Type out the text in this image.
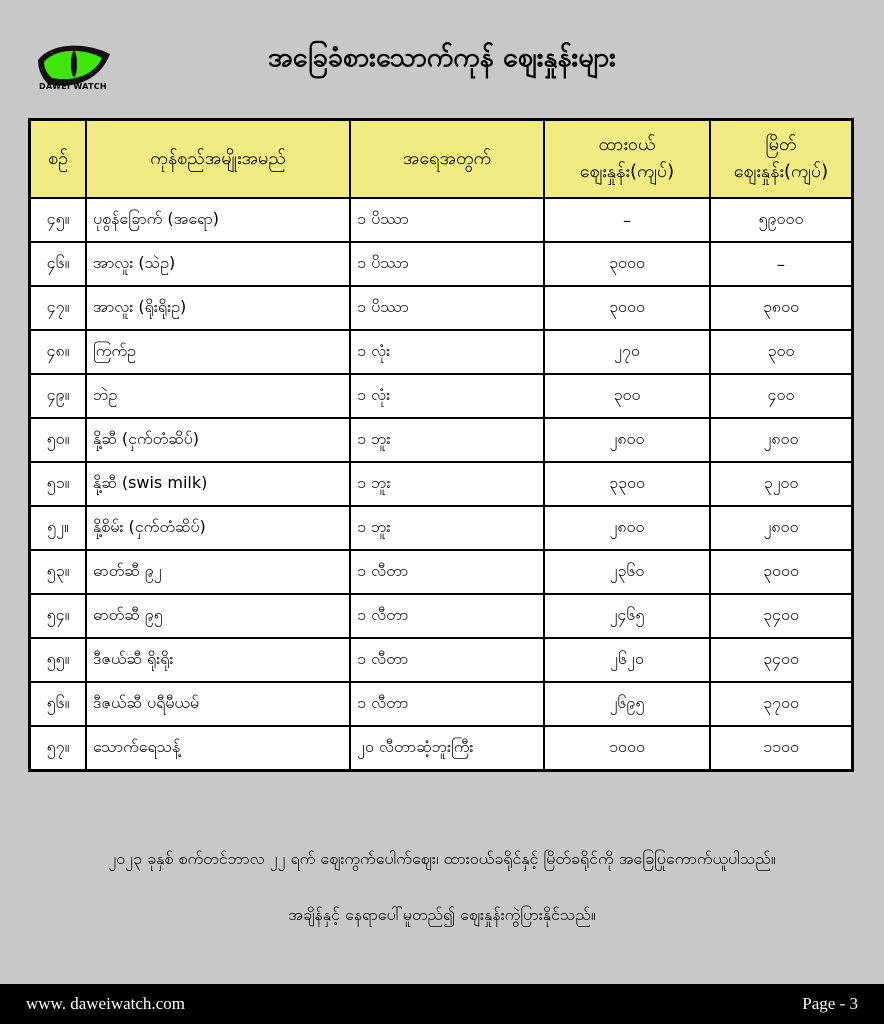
DAWEI WATCH
အခြေခံစားသောက်ကုန် ဈေးနှုန်းများ
စဉ်	ကုန်စည်အမျိုးအမည်	အရေအတွက်	ထားဝယ် ဈေးနှုန်း(ကျပ်)	မြိတ် ဈေးနှုန်း(ကျပ်)
၄၅။	ပုစွန်ခြောက် (အရော)	၁ ပိဿာ	–	၅၉၀၀၀
၄၆။	အာလူး (သဲဥ)	၁ ပိဿာ	၃၀၀၀	–
၄၇။	အာလူး (ရိုးရိုးဥ)	၁ ပိဿာ	၃၀၀၀	၃၈၀၀
၄၈။	ကြက်ဥ	၁ လုံး	၂၇၀	၃၀၀
၄၉။	ဘဲဥ	၁ လုံး	၃၀၀	၄၀၀
၅၀။	နို့ဆီ (ငှက်တံဆိပ်)	၁ ဘူး	၂၈၀၀	၂၈၀၀
၅၁။	နို့ဆီ (swis milk)	၁ ဘူး	၃၃၀၀	၃၂၀၀
၅၂။	နို့စိမ်း (ငှက်တံဆိပ်)	၁ ဘူး	၂၈၀၀	၂၈၀၀
၅၃။	ဓာတ်ဆီ ၉၂	၁ လီတာ	၂၃၆၀	၃၀၀၀
၅၄။	ဓာတ်ဆီ ၉၅	၁ လီတာ	၂၄၆၅	၃၄၀၀
၅၅။	ဒီဇယ်ဆီ ရိုးရိုး	၁ လီတာ	၂၆၂၀	၃၄၀၀
၅၆။	ဒီဇယ်ဆီ ပရီမီယမ်	၁ လီတာ	၂၆၉၅	၃၇၀၀
၅၇။	သောက်ရေသန့်	၂၀ လီတာဆံ့ဘူးကြီး	၁၀၀၀	၁၁၀၀
၂၀၂၃ ခုနှစ် စက်တင်ဘာလ ၂၂ ရက် ဈေးကွက်ပေါက်ဈေး၊ ထားဝယ်ခရိုင်နှင့် မြိတ်ခရိုင်ကို အခြေပြုကောက်ယူပါသည်။
အချိန်နှင့် နေရာပေါ်မူတည်၍ ဈေးနှုန်းကွဲပြားနိုင်သည်။
www. daweiwatch.com	Page - 3
